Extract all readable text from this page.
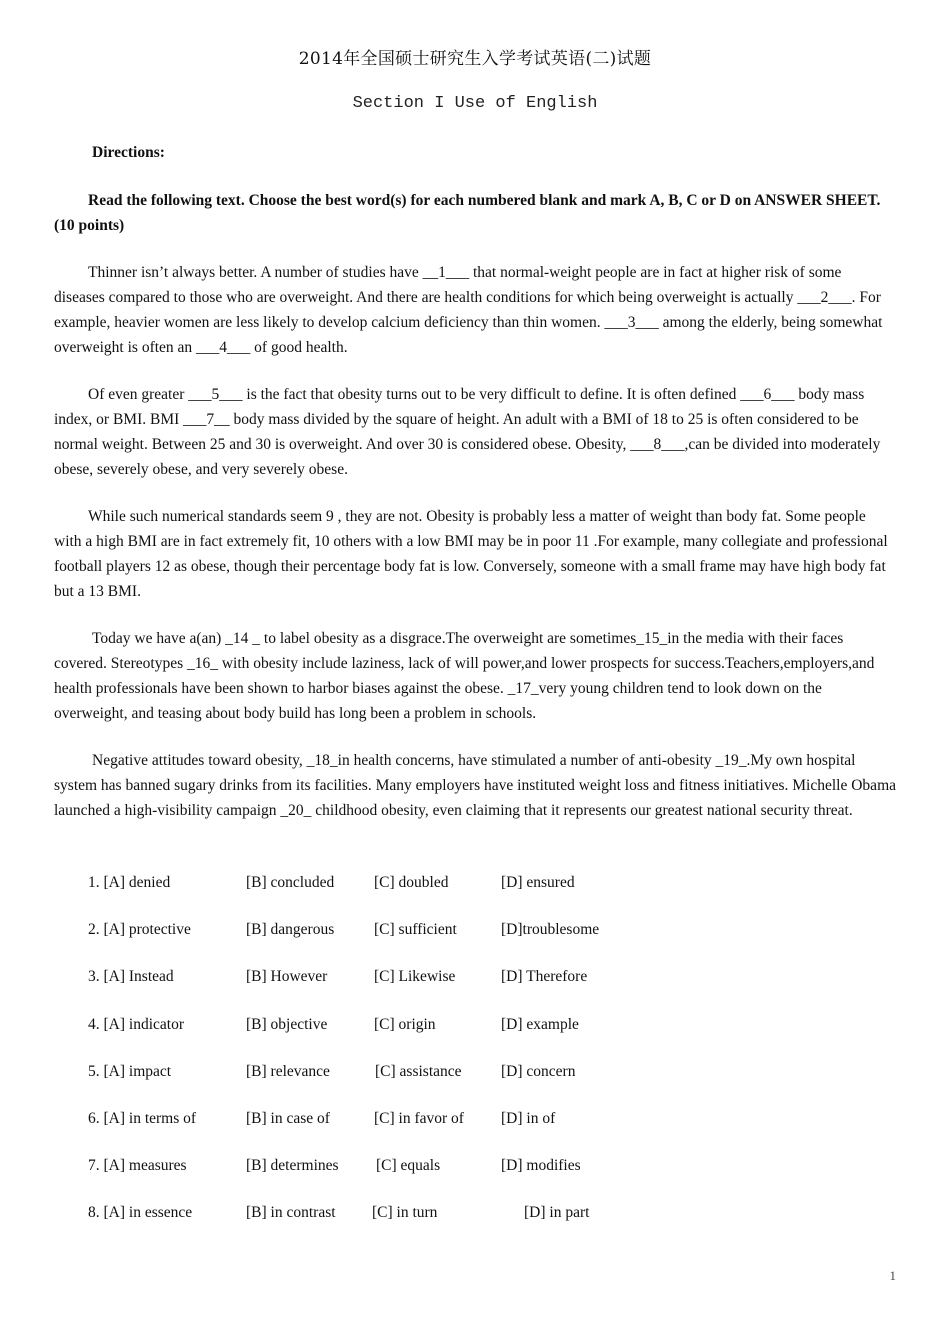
2014年全国硕士研究生入学考试英语(二)试题
Section I Use of English
Directions:

Read the following text. Choose the best word(s) for each numbered blank and mark A, B, C or D on ANSWER SHEET. (10 points)

Thinner isn’t always better. A number of studies have __1___ that normal-weight people are in fact at higher risk of some diseases compared to those who are overweight. And there are health conditions for which being overweight is actually ___2___. For example, heavier women are less likely to develop calcium deficiency than thin women. ___3___ among the elderly, being somewhat overweight is often an ___4___ of good health.

Of even greater ___5___ is the fact that obesity turns out to be very difficult to define. It is often defined ___6___ body mass index, or BMI. BMI ___7__ body mass divided by the square of height. An adult with a BMI of 18 to 25 is often considered to be normal weight. Between 25 and 30 is overweight. And over 30 is considered obese. Obesity, ___8___,can be divided into moderately obese, severely obese, and very severely obese.

While such numerical standards seem 9 , they are not. Obesity is probably less a matter of weight than body fat. Some people with a high BMI are in fact extremely fit, 10 others with a low BMI may be in poor 11 .For example, many collegiate and professional football players 12 as obese, though their percentage body fat is low. Conversely, someone with a small frame may have high body fat but a 13 BMI.

Today we have a(an) _14 _ to label obesity as a disgrace.The overweight are sometimes_15_in the media with their faces covered. Stereotypes _16_ with obesity include laziness, lack of will power,and lower prospects for success.Teachers,employers,and health professionals have been shown to harbor biases against the obese. _17_very young children tend to look down on the overweight, and teasing about body build has long been a problem in schools.

Negative attitudes toward obesity, _18_in health concerns, have stimulated a number of anti-obesity _19_.My own hospital system has banned sugary drinks from its facilities. Many employers have instituted weight loss and fitness initiatives. Michelle Obama launched a high-visibility campaign _20_ childhood obesity, even claiming that it represents our greatest national security threat.

1. [A] denied	[B] concluded	[C] doubled	[D] ensured
2. [A] protective	[B] dangerous	[C] sufficient	[D]troublesome
3. [A] Instead	[B] However	[C] Likewise	[D] Therefore
4. [A] indicator	[B] objective	[C] origin	[D] example
5. [A] impact	[B] relevance	[C] assistance	[D] concern
6. [A] in terms of	[B] in case of	[C] in favor of [D] in of
7. [A] measures	[B] determines [C] equals	[D] modifies
8. [A] in essence	[B] in contrast [C] in turn	[D] in part
1
